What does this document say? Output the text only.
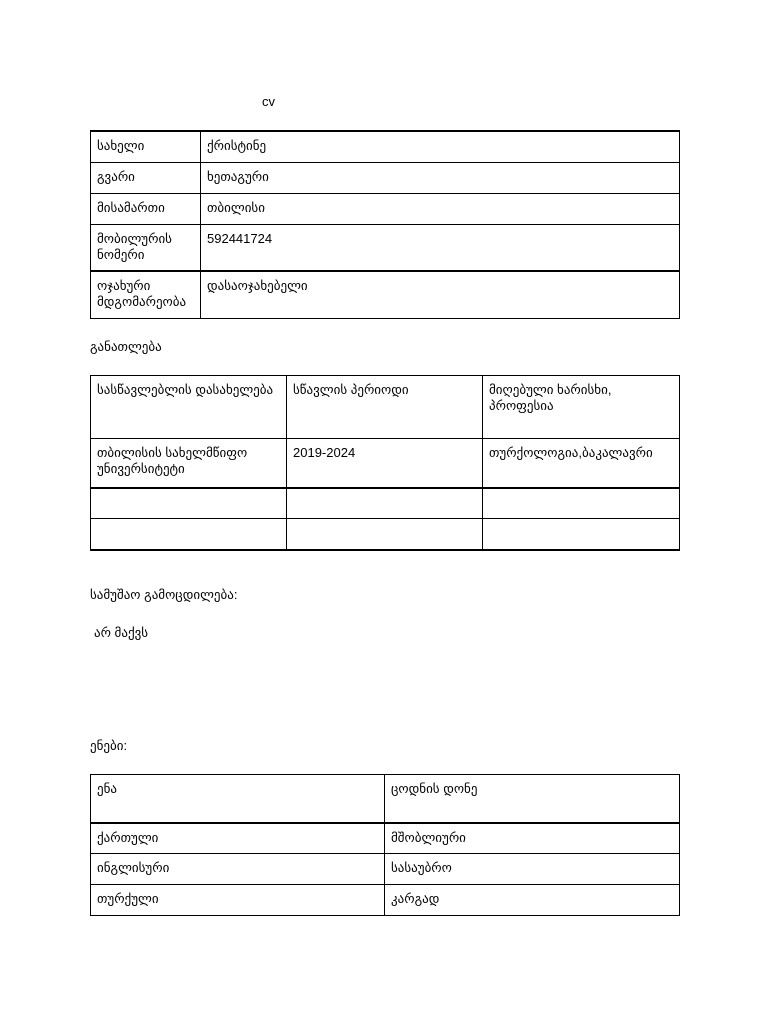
cv
სახელი	ქრისტინე
გვარი	ხეთაგური
მისამართი	თბილისი
მობილურის ნომერი	592441724
ოჯახური მდგომარეობა	დასაოჯახებელი
განათლება
სასწავლებლის დასახელება	სწავლის პერიოდი	მიღებული ხარისხი, პროფესია
თბილისის სახელმწიფო უნივერსიტეტი	2019-2024	თურქოლოგია,ბაკალავრი

სამუშაო გამოცდილება:
არ მაქვს
ენები:
ენა	ცოდნის დონე
ქართული	მშობლიური
ინგლისური	სასაუბრო
თურქული	კარგად
